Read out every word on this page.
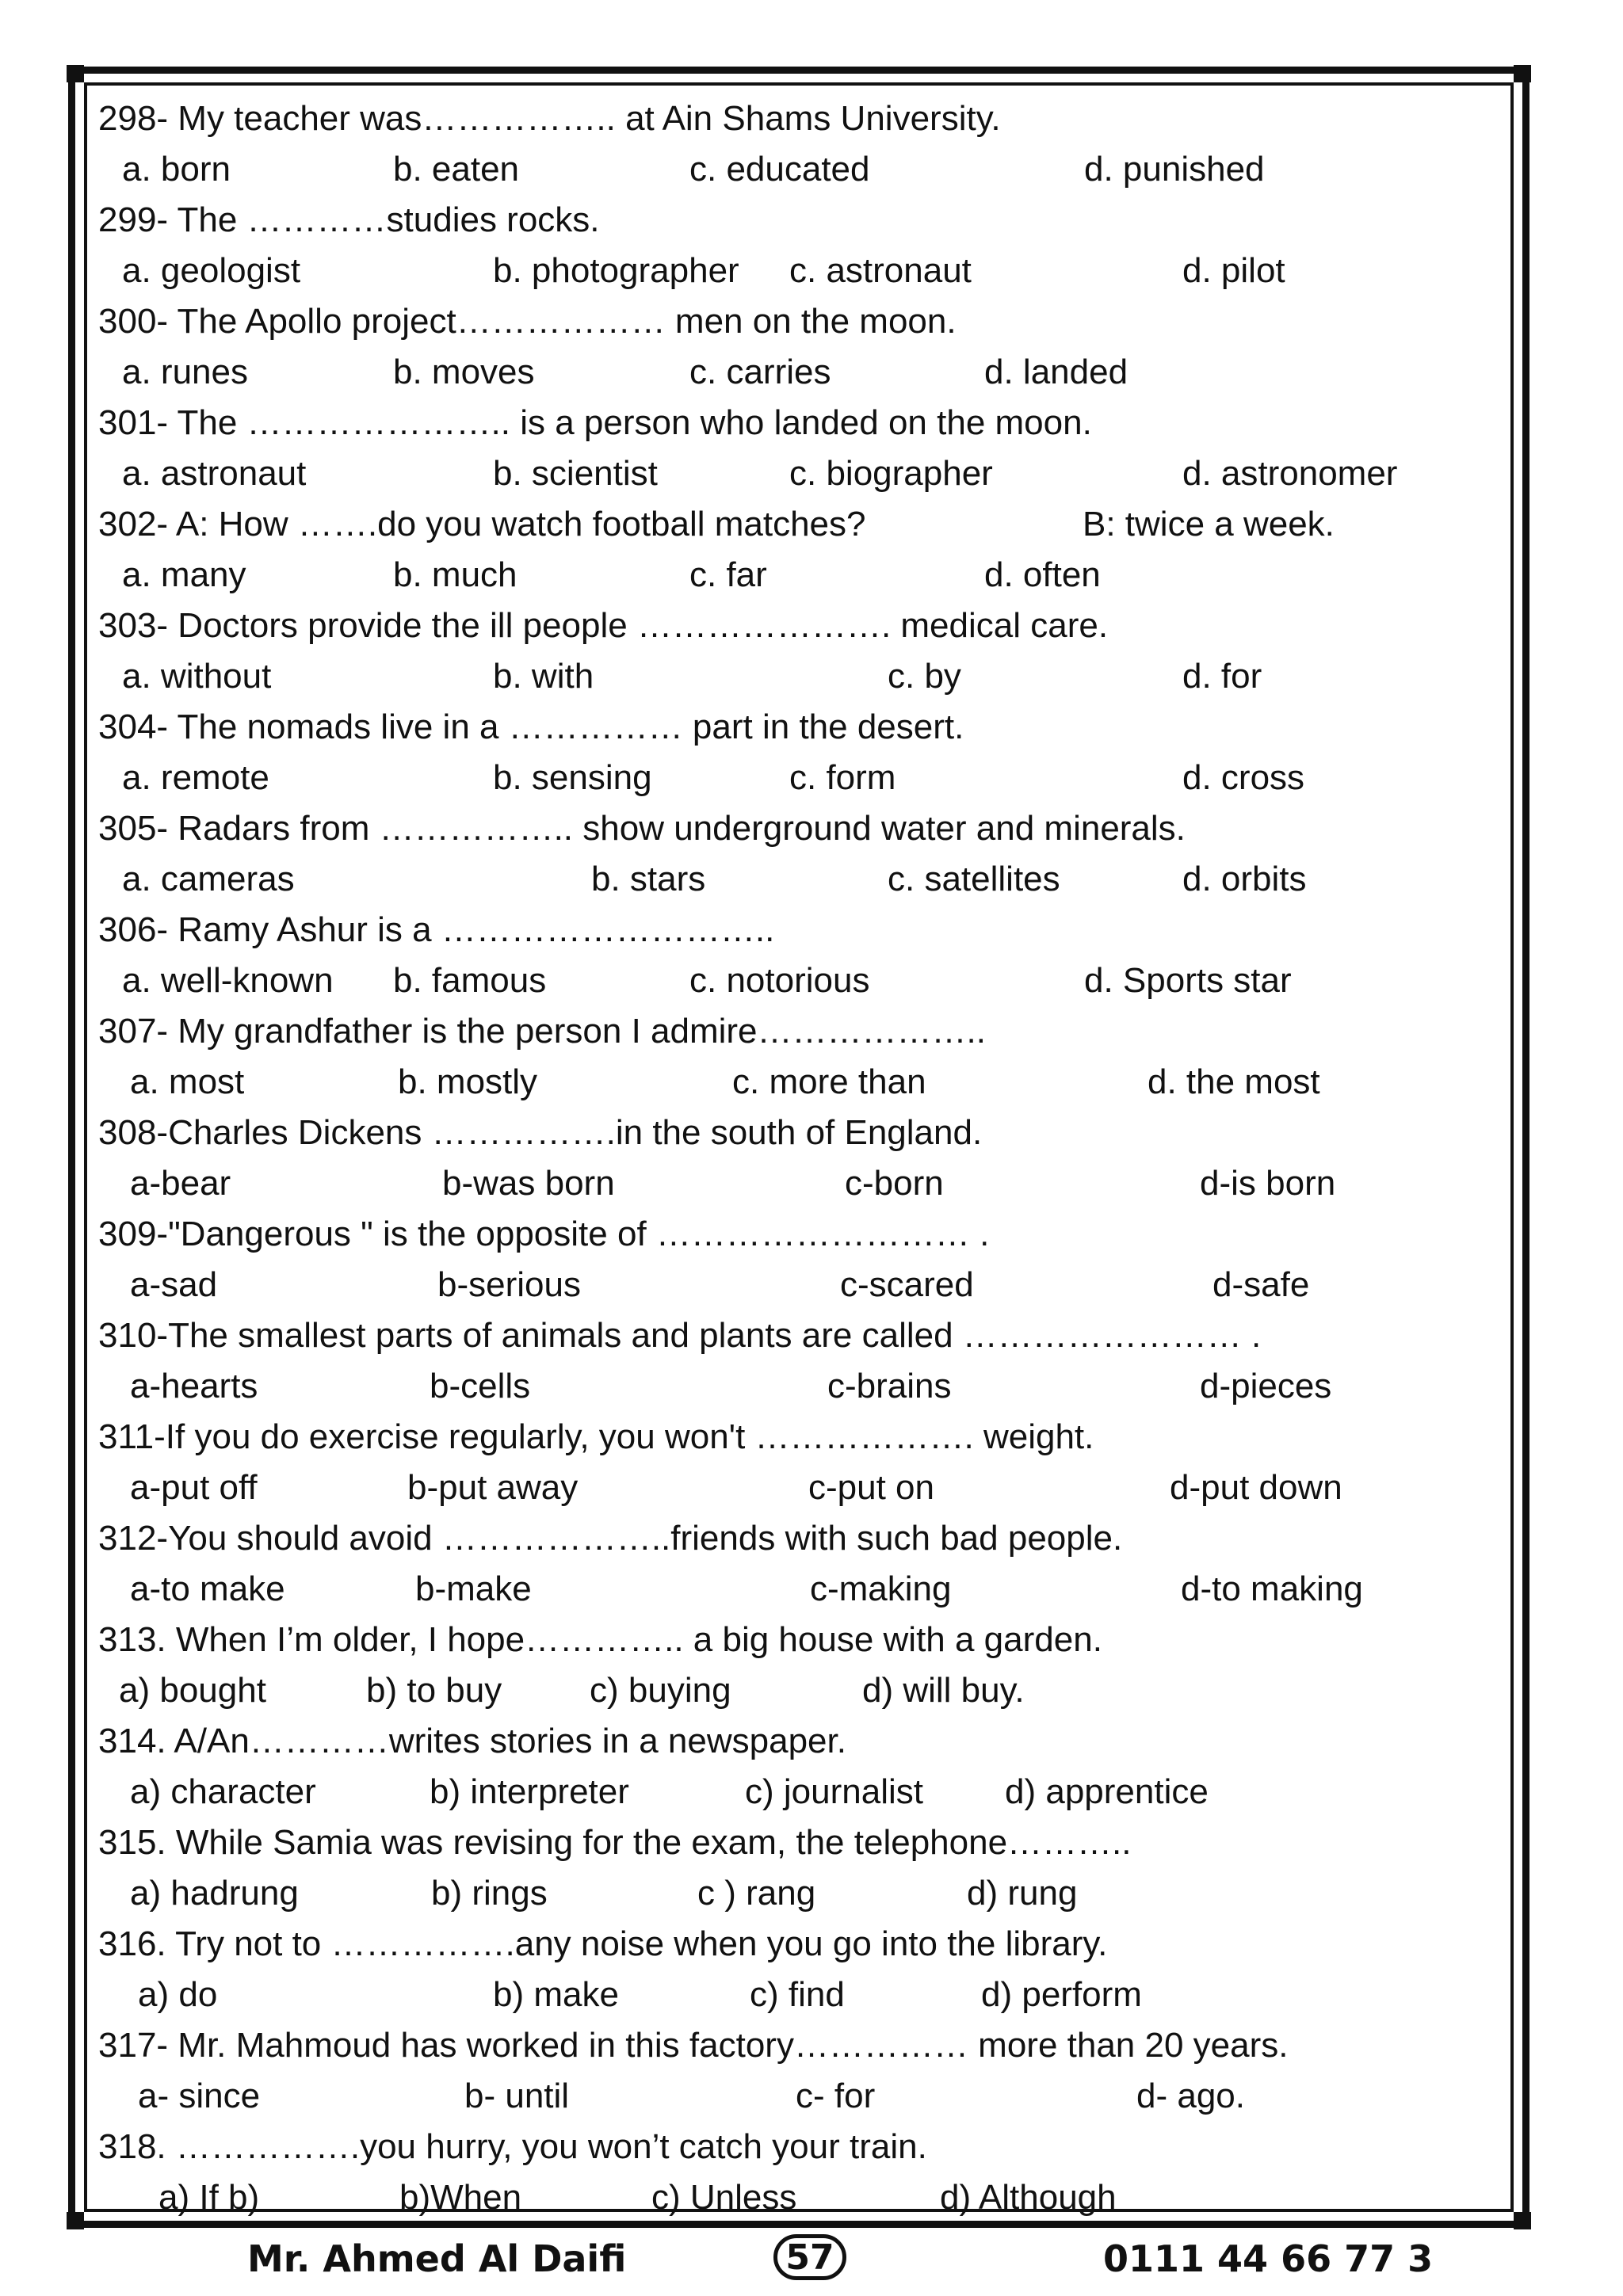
298- My teacher was…………….. at Ain Shams University.
a. born	b. eaten	c. educated	d. punished
299- The …………studies rocks.
a. geologist	b. photographer c. astronaut	d. pilot
300- The Apollo project……………… men on the moon.
a. runes	b. moves	c. carries	d. landed
301- The ………………….. is a person who landed on the moon.
a. astronaut	b. scientist	c. biographer	d. astronomer
302- A: How …….do you watch football matches?	B: twice a week.
a. many	b. much	c. far	d. often
303- Doctors provide the ill people …………………. medical care.
a. without	b. with	c. by	d. for
304- The nomads live in a …………… part in the desert.
a. remote	b. sensing	c. form	d. cross
305- Radars from …………….. show underground water and minerals.
a. cameras	b. stars	c. satellites	d. orbits
306- Ramy Ashur is a ………………………..
a. well-known b. famous	c. notorious	d. Sports star
307- My grandfather is the person I admire………………..
a. most	b. mostly	c. more than	d. the most
308-Charles Dickens …………….in the south of England.
a-bear	b-was born	c-born	d-is born
309-"Dangerous " is the opposite of ……………………… .
a-sad	b-serious	c-scared	d-safe
310-The smallest parts of animals and plants are called …………………… .
a-hearts	b-cells	c-brains	d-pieces
311-If you do exercise regularly, you won't ………………. weight.
a-put off	b-put away	c-put on	d-put down
312-You should avoid ………………..friends with such bad people.
a-to make	b-make	c-making	d-to making
313. When I’m older, I hope………….. a big house with a garden.
a) bought	b) to buy	c) buying	d) will buy.
314. A/An…………writes stories in a newspaper.
a) character	b) interpreter	c) journalist d) apprentice
315. While Samia was revising for the exam, the telephone………..
a) hadrung	b) rings	c ) rang	d) rung
316. Try not to …………….any noise when you go into the library.
a) do	b) make	c) find	d) perform
317- Mr. Mahmoud has worked in this factory…………… more than 20 years.
a- since	b- until	c- for	d- ago.
318. …………….you hurry, you won’t catch your train.
a) If b)	b)When	c) Unless	d) Although
Mr. Ahmed Al Daifi	57	0111 44 66 77 3
